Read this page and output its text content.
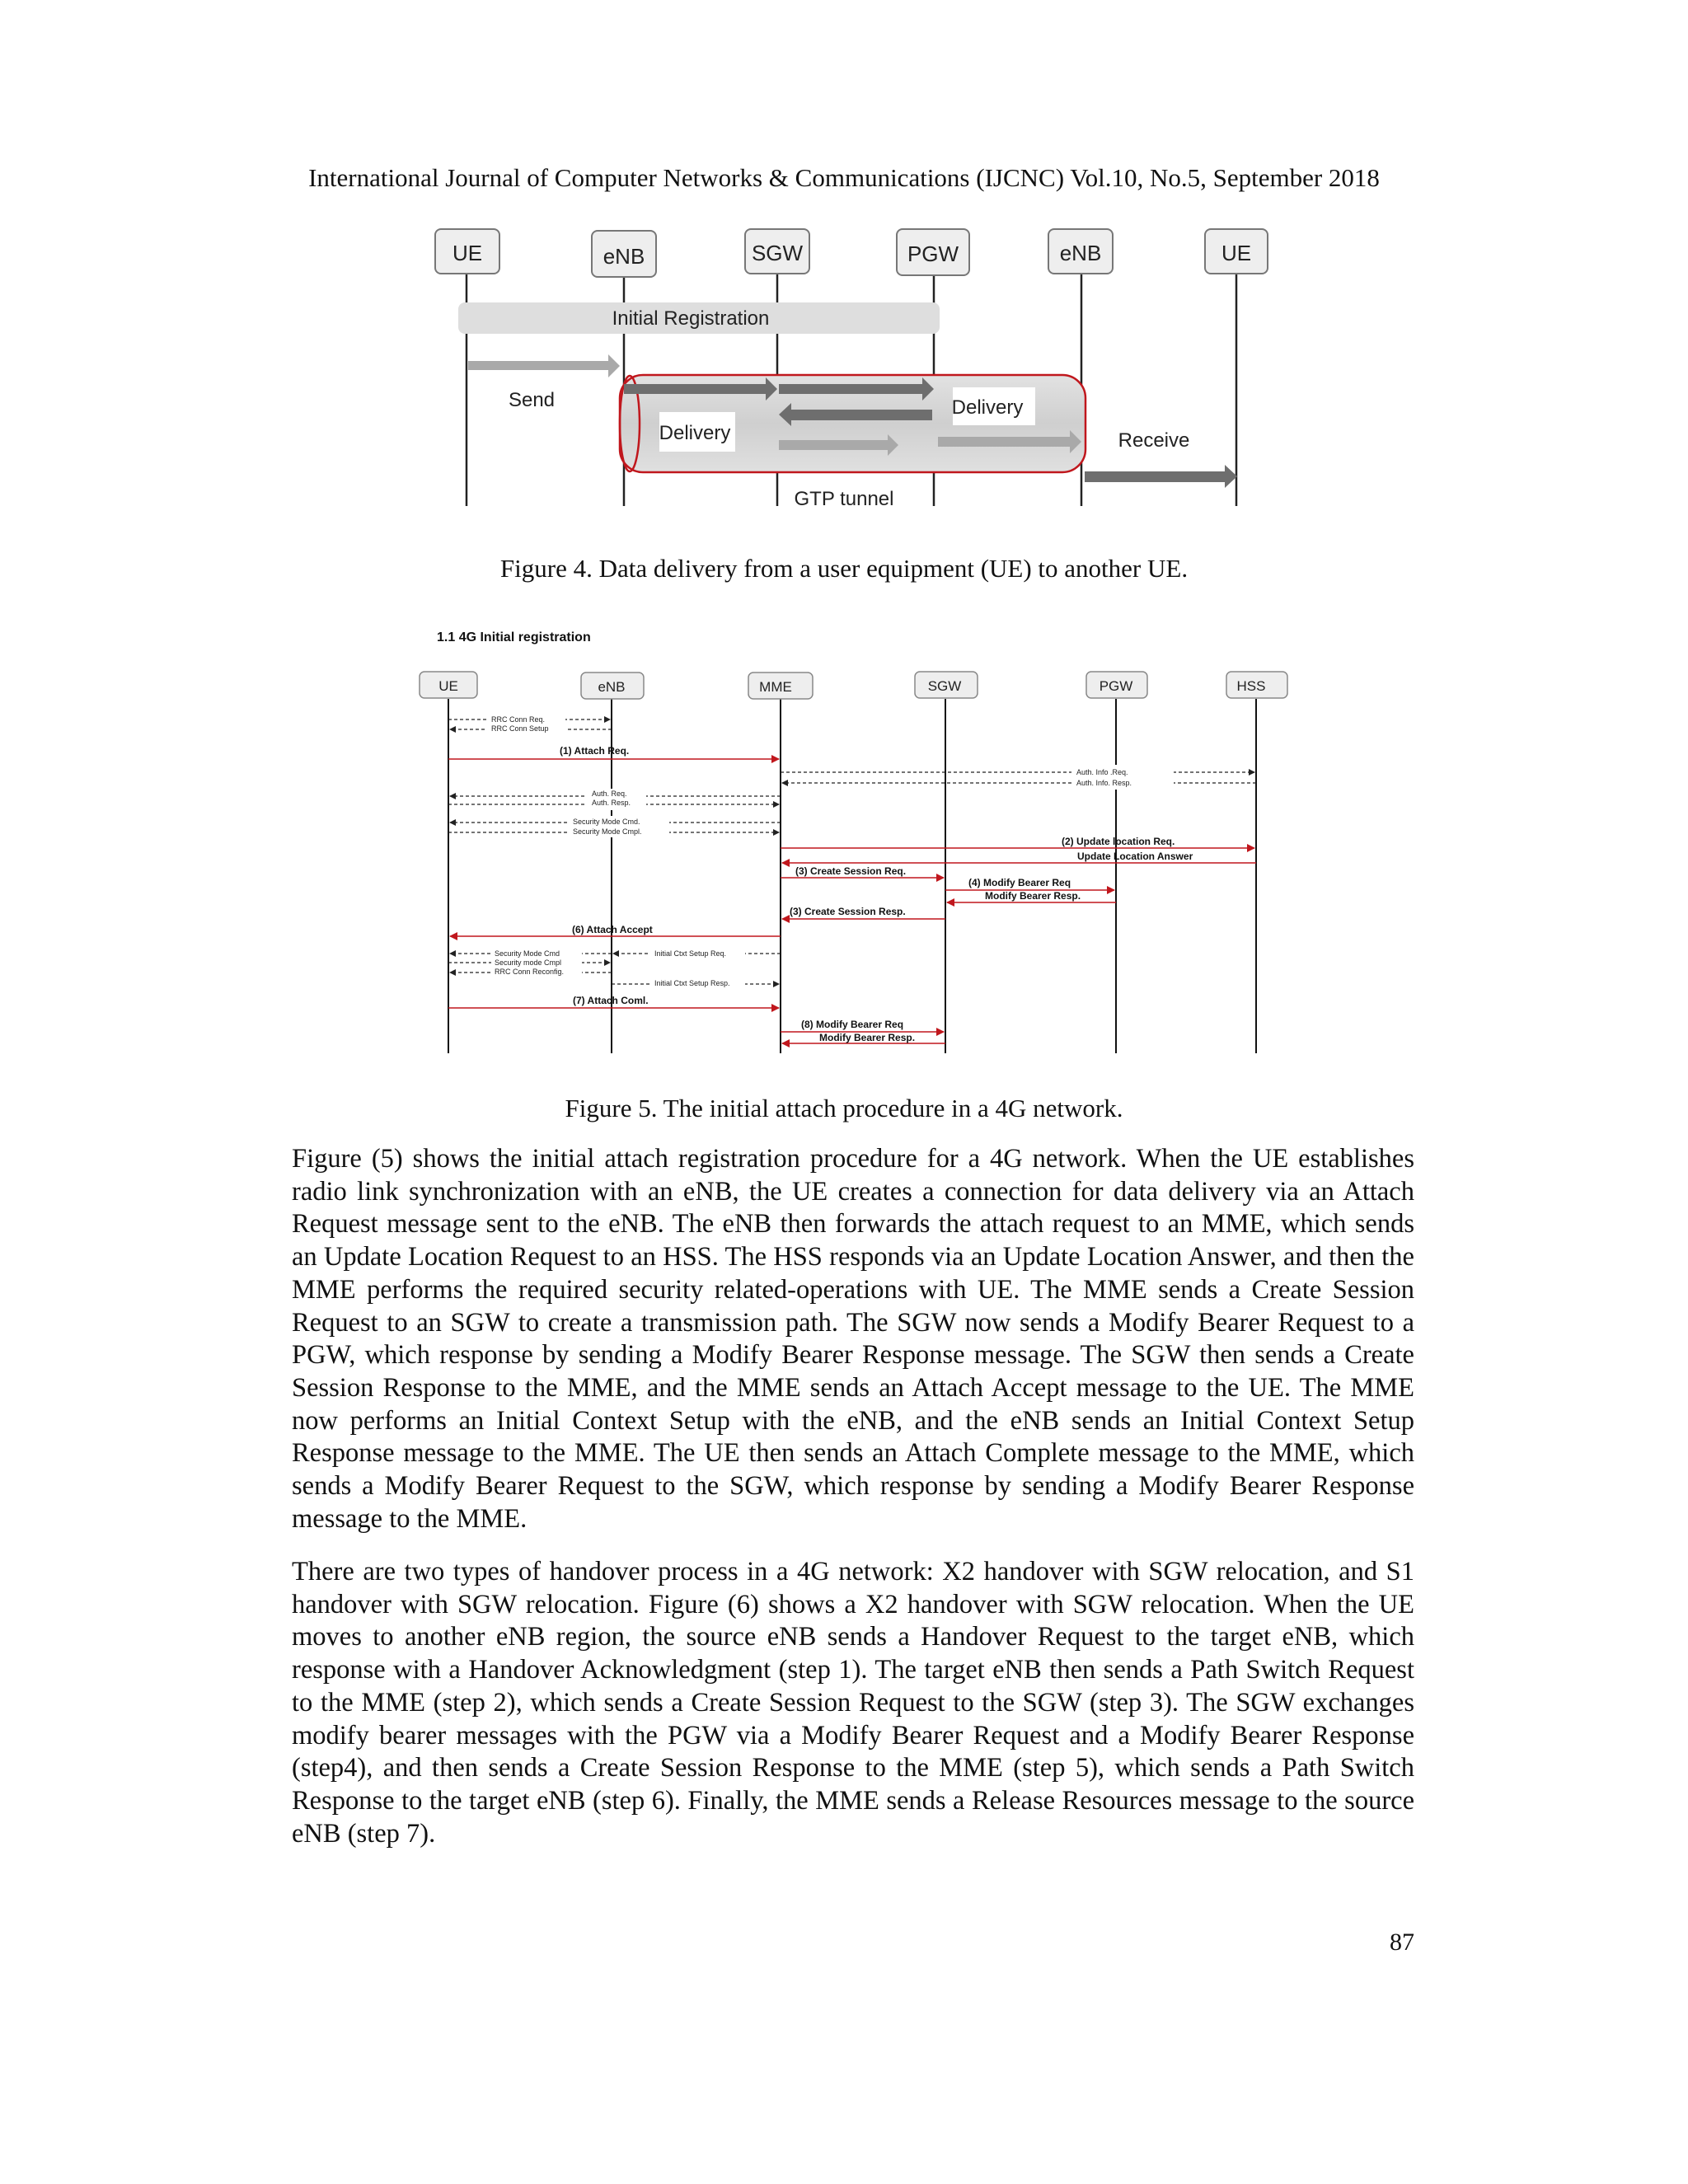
International Journal of Computer Networks & Communications (IJCNC) Vol.10, No.5, September 2018
UE	eNB	SGW	PGW	eNB	UE
Initial Registration
Send
Delivery
Delivery
Receive
GTP tunnel
Figure 4. Data delivery from a user equipment (UE) to another UE.
1.1 4G Initial registration
UE	eNB	MME	SGW	PGW	HSS
RRC Conn Req.
RRC Conn Setup
Auth. Info .Req.
Auth. Info. Resp.
Auth. Req.
Auth. Resp.
Security Mode Cmd.
Security Mode Cmpl.
Security Mode Cmd
Security mode Cmpl
RRC Conn Reconfig.
Initial Ctxt Setup Req.
Initial Ctxt Setup Resp.
(1) Attach Req.
(2) Update location Req.
Update Location Answer
(3) Create Session Req.
(4) Modify Bearer Req
Modify Bearer Resp.
(3) Create Session Resp.
(6) Attach Accept
(7) Attach Coml.
(8) Modify Bearer Req
Modify Bearer Resp.
Figure 5. The initial attach procedure in a 4G network.

Figure (5) shows the initial attach registration procedure for a 4G network. When the UE establishes radio link synchronization with an eNB, the UE creates a connection for data delivery via an Attach Request message sent to the eNB. The eNB then forwards the attach request to an MME, which sends an Update Location Request to an HSS. The HSS responds via an Update Location Answer, and then the MME performs the required security related-operations with UE. The MME sends a Create Session Request to an SGW to create a transmission path. The SGW now sends a Modify Bearer Request to a PGW, which response by sending a Modify Bearer Response message. The SGW then sends a Create Session Response to the MME, and the MME sends an Attach Accept message to the UE. The MME now performs an Initial Context Setup with the eNB, and the eNB sends an Initial Context Setup Response message to the MME. The UE then sends an Attach Complete message to the MME, which sends a Modify Bearer Request to the SGW, which response by sending a Modify Bearer Response message to the MME.

There are two types of handover process in a 4G network: X2 handover with SGW relocation, and S1 handover with SGW relocation. Figure (6) shows a X2 handover with SGW relocation. When the UE moves to another eNB region, the source eNB sends a Handover Request to the target eNB, which response with a Handover Acknowledgment (step 1). The target eNB then sends a Path Switch Request to the MME (step 2), which sends a Create Session Request to the SGW (step 3). The SGW exchanges modify bearer messages with the PGW via a Modify Bearer Request and a Modify Bearer Response (step4), and then sends a Create Session Response to the MME (step 5), which sends a Path Switch Response to the target eNB (step 6). Finally, the MME sends a Release Resources message to the source eNB (step 7).

87
